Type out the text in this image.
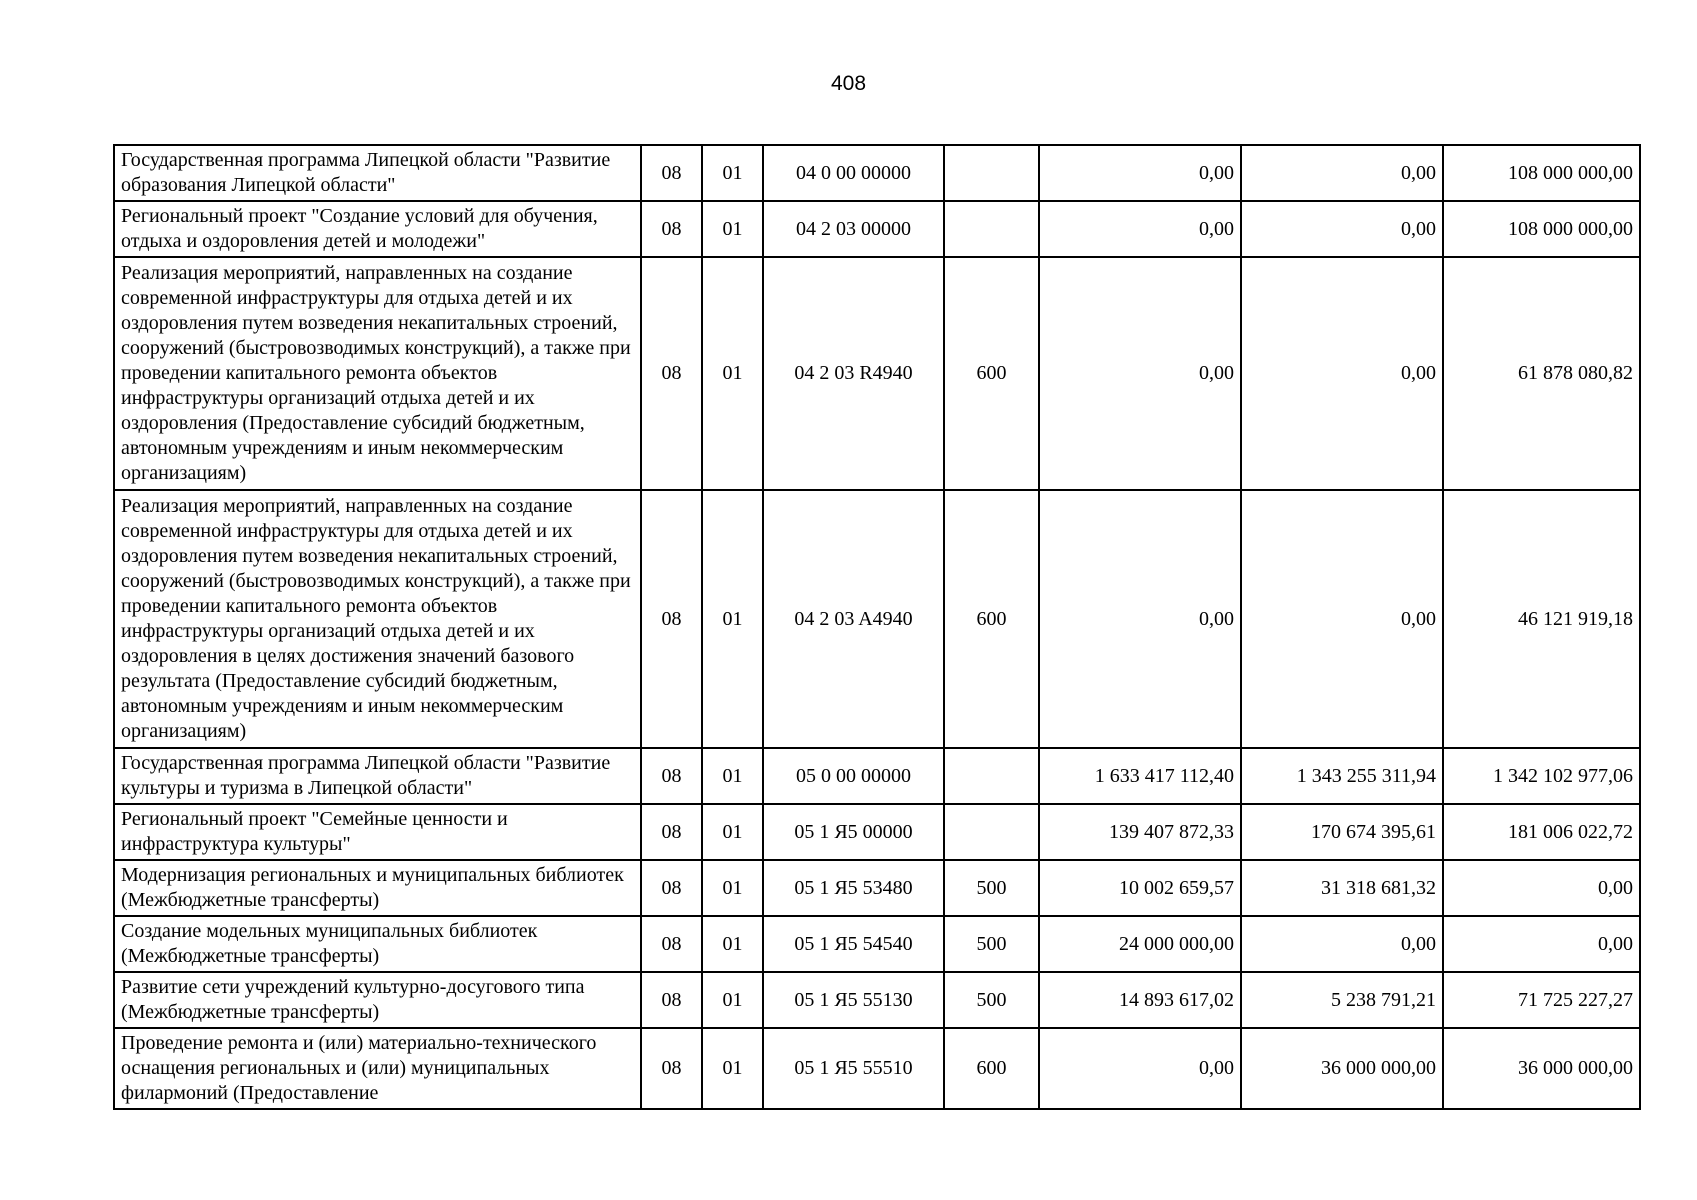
408
Государственная программа Липецкой области "Развитие образования Липецкой области"	08	01	04 0 00 00000		0,00	0,00	108 000 000,00
Региональный проект "Создание условий для обучения, отдыха и оздоровления детей и молодежи"	08	01	04 2 03 00000		0,00	0,00	108 000 000,00
Реализация мероприятий, направленных на создание современной инфраструктуры для отдыха детей и их оздоровления путем возведения некапитальных строений, сооружений (быстровозводимых конструкций), а также при проведении капитального ремонта объектов инфраструктуры организаций отдыха детей и их оздоровления (Предоставление субсидий бюджетным, автономным учреждениям и иным некоммерческим организациям)	08	01	04 2 03 R4940	600	0,00	0,00	61 878 080,82
Реализация мероприятий, направленных на создание современной инфраструктуры для отдыха детей и их оздоровления путем возведения некапитальных строений, сооружений (быстровозводимых конструкций), а также при проведении капитального ремонта объектов инфраструктуры организаций отдыха детей и их оздоровления в целях достижения значений базового результата (Предоставление субсидий бюджетным, автономным учреждениям и иным некоммерческим организациям)	08	01	04 2 03 A4940	600	0,00	0,00	46 121 919,18
Государственная программа Липецкой области "Развитие культуры и туризма в Липецкой области"	08	01	05 0 00 00000		1 633 417 112,40	1 343 255 311,94	1 342 102 977,06
Региональный проект "Семейные ценности и инфраструктура культуры"	08	01	05 1 Я5 00000		139 407 872,33	170 674 395,61	181 006 022,72
Модернизация региональных и муниципальных библиотек (Межбюджетные трансферты)	08	01	05 1 Я5 53480	500	10 002 659,57	31 318 681,32	0,00
Создание модельных муниципальных библиотек (Межбюджетные трансферты)	08	01	05 1 Я5 54540	500	24 000 000,00	0,00	0,00
Развитие сети учреждений культурно-досугового типа (Межбюджетные трансферты)	08	01	05 1 Я5 55130	500	14 893 617,02	5 238 791,21	71 725 227,27
Проведение ремонта и (или) материально-технического оснащения региональных и (или) муниципальных филармоний (Предоставление	08	01	05 1 Я5 55510	600	0,00	36 000 000,00	36 000 000,00
